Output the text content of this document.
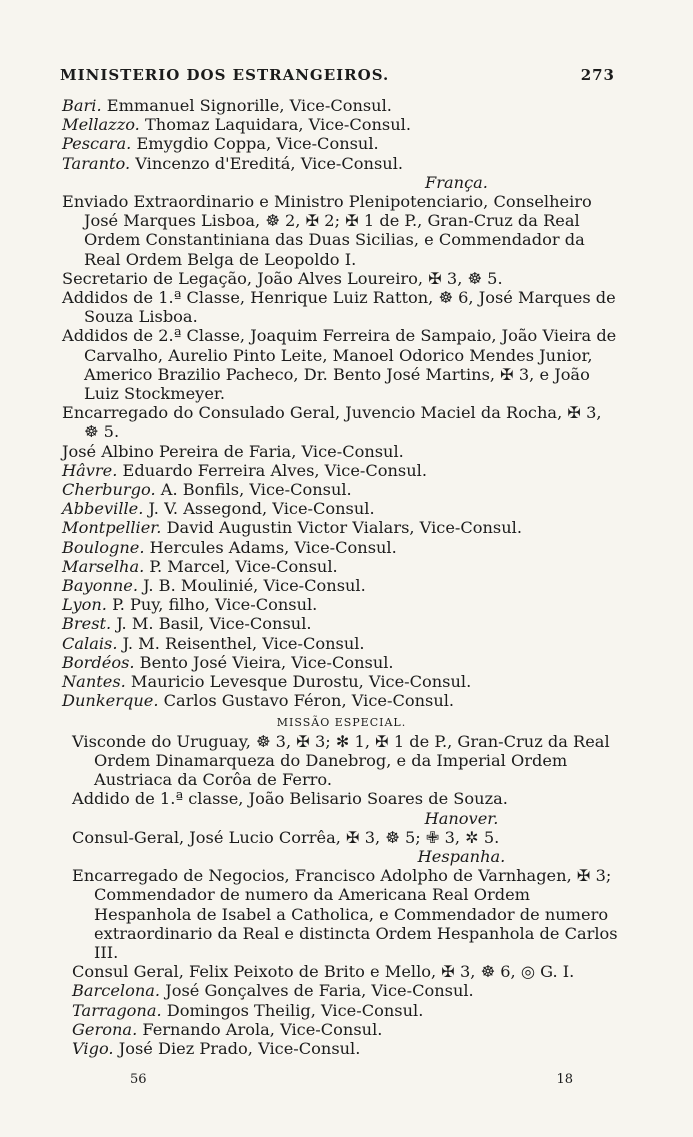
MINISTERIO DOS ESTRANGEIROS.	273

Bari. Emmanuel Signorille, Vice-Consul.

Mellazzo. Thomaz Laquidara, Vice-Consul.

Pescara. Emygdio Coppa, Vice-Consul.

Taranto. Vincenzo d'Ereditá, Vice-Consul.

França.

Enviado Extraordinario e Ministro Plenipotenciario, Conselheiro José Marques Lisboa, ☸ 2, ✠ 2; ✠ 1 de P., Gran-Cruz da Real Ordem Constantiniana das Duas Sicilias, e Commendador da Real Ordem Belga de Leopoldo I.

Secretario de Legação, João Alves Loureiro, ✠ 3, ☸ 5.

Addidos de 1.ª Classe, Henrique Luiz Ratton, ☸ 6, José Marques de Souza Lisboa.

Addidos de 2.ª Classe, Joaquim Ferreira de Sampaio, João Vieira de Carvalho, Aurelio Pinto Leite, Manoel Odorico Mendes Junior, Americo Brazilio Pacheco, Dr. Bento José Martins, ✠ 3, e João Luiz Stockmeyer.

Encarregado do Consulado Geral, Juvencio Maciel da Rocha, ✠ 3, ☸ 5.

José Albino Pereira de Faria, Vice-Consul.

Hâvre. Eduardo Ferreira Alves, Vice-Consul.

Cherburgo. A. Bonfils, Vice-Consul.

Abbeville. J. V. Assegond, Vice-Consul.

Montpellier. David Augustin Victor Vialars, Vice-Consul.

Boulogne. Hercules Adams, Vice-Consul.

Marselha. P. Marcel, Vice-Consul.

Bayonne. J. B. Moulinié, Vice-Consul.

Lyon. P. Puy, filho, Vice-Consul.

Brest. J. M. Basil, Vice-Consul.

Calais. J. M. Reisenthel, Vice-Consul.

Bordéos. Bento José Vieira, Vice-Consul.

Nantes. Mauricio Levesque Durostu, Vice-Consul.

Dunkerque. Carlos Gustavo Féron, Vice-Consul.

MISSÃO ESPECIAL.

Visconde do Uruguay, ☸ 3, ✠ 3; ✻ 1, ✠ 1 de P., Gran-Cruz da Real Ordem Dinamarqueza do Danebrog, e da Imperial Ordem Austriaca da Corôa de Ferro.

Addido de 1.ª classe, João Belisario Soares de Souza.

Hanover.

Consul-Geral, José Lucio Corrêa, ✠ 3, ☸ 5; ✙ 3, ✲ 5.

Hespanha.

Encarregado de Negocios, Francisco Adolpho de Varnhagen, ✠ 3; Commendador de numero da Americana Real Ordem Hespanhola de Isabel a Catholica, e Commendador de numero extraordinario da Real e distincta Ordem Hespanhola de Carlos III.

Consul Geral, Felix Peixoto de Brito e Mello, ✠ 3, ☸ 6, ◎ G. I.

Barcelona. José Gonçalves de Faria, Vice-Consul.

Tarragona. Domingos Theilig, Vice-Consul.

Gerona. Fernando Arola, Vice-Consul.

Vigo. José Diez Prado, Vice-Consul.

56	18
